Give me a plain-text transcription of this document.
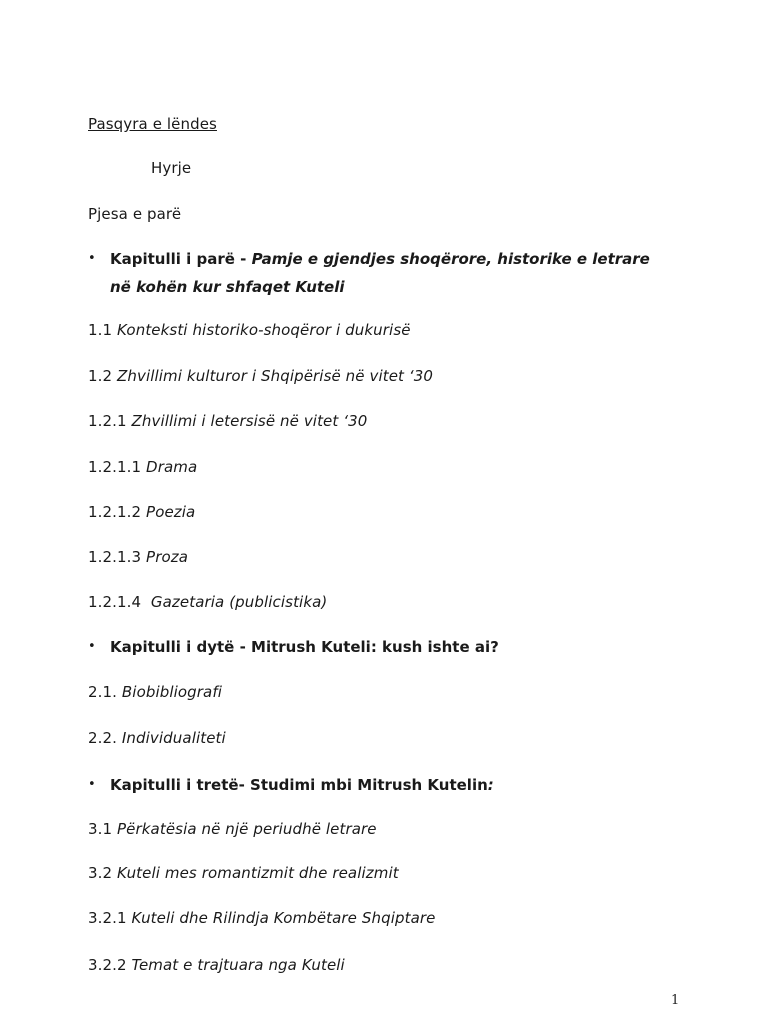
Pasqyra e lëndes
Hyrje
Pjesa e parë
• Kapitulli i parë - Pamje e gjendjes shoqërore, historike e letrare
në kohën kur shfaqet Kuteli
1.1 Konteksti historiko-shoqëror i dukurisë
1.2 Zhvillimi kulturor i Shqipërisë në vitet ‘30
1.2.1 Zhvillimi i letersisë në vitet ‘30
1.2.1.1 Drama
1.2.1.2 Poezia
1.2.1.3 Proza
1.2.1.4  Gazetaria (publicistika)
• Kapitulli i dytë - Mitrush Kuteli: kush ishte ai?
2.1. Biobibliografi
2.2. Individualiteti
• Kapitulli i tretë- Studimi mbi Mitrush Kutelin:
3.1 Përkatësia në një periudhë letrare
3.2 Kuteli mes romantizmit dhe realizmit
3.2.1 Kuteli dhe Rilindja Kombëtare Shqiptare
3.2.2 Temat e trajtuara nga Kuteli
1
